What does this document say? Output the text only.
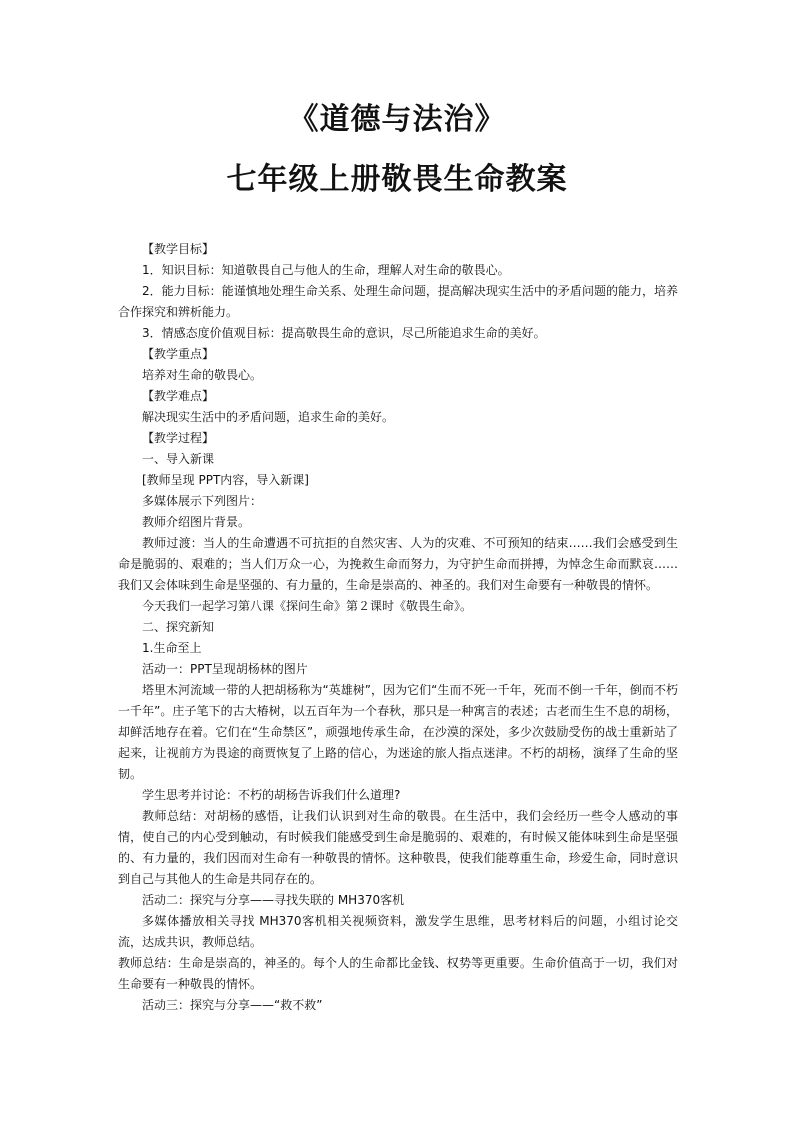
《道德与法治》
七年级上册敬畏生命教案

【教学目标】

1．知识目标：知道敬畏自己与他人的生命，理解人对生命的敬畏心。

2．能力目标：能谨慎地处理生命关系、处理生命问题，提高解决现实生活中的矛盾问题的能力，培养合作探究和辨析能力。

3．情感态度价值观目标：提高敬畏生命的意识，尽己所能追求生命的美好。

【教学重点】

培养对生命的敬畏心。

【教学难点】

解决现实生活中的矛盾问题，追求生命的美好。

【教学过程】

一、导入新课

[教师呈现 PPT内容，导入新课]

多媒体展示下列图片：

教师介绍图片背景。

教师过渡：当人的生命遭遇不可抗拒的自然灾害、人为的灾难、不可预知的结束……我们会感受到生命是脆弱的、艰难的；当人们万众一心，为挽救生命而努力，为守护生命而拼搏，为悼念生命而默哀……我们又会体味到生命是坚强的、有力量的，生命是崇高的、神圣的。我们对生命要有一种敬畏的情怀。

今天我们一起学习第八课《探问生命》第２课时《敬畏生命》。

二、探究新知

1.生命至上

活动一：PPT呈现胡杨林的图片

塔里木河流域一带的人把胡杨称为“英雄树”，因为它们“生而不死一千年，死而不倒一千年，倒而不朽一千年”。庄子笔下的古大椿树，以五百年为一个春秋，那只是一种寓言的表述；古老而生生不息的胡杨，却鲜活地存在着。它们在“生命禁区”，顽强地传承生命，在沙漠的深处，多少次鼓励受伤的战士重新站了起来，让视前方为畏途的商贾恢复了上路的信心，为迷途的旅人指点迷津。不朽的胡杨，演绎了生命的坚韧。

学生思考并讨论：不朽的胡杨告诉我们什么道理?

教师总结：对胡杨的感悟，让我们认识到对生命的敬畏。在生活中，我们会经历一些令人感动的事情，使自己的内心受到触动，有时候我们能感受到生命是脆弱的、艰难的，有时候又能体味到生命是坚强的、有力量的，我们因而对生命有一种敬畏的情怀。这种敬畏，使我们能尊重生命，珍爱生命，同时意识到自己与其他人的生命是共同存在的。

活动二：探究与分享——寻找失联的 MH370客机

多媒体播放相关寻找 MH370客机相关视频资料，激发学生思维，思考材料后的问题，小组讨论交流，达成共识，教师总结。

教师总结：生命是崇高的，神圣的。每个人的生命都比金钱、权势等更重要。生命价值高于一切，我们对生命要有一种敬畏的情怀。

活动三：探究与分享——“救不救”
